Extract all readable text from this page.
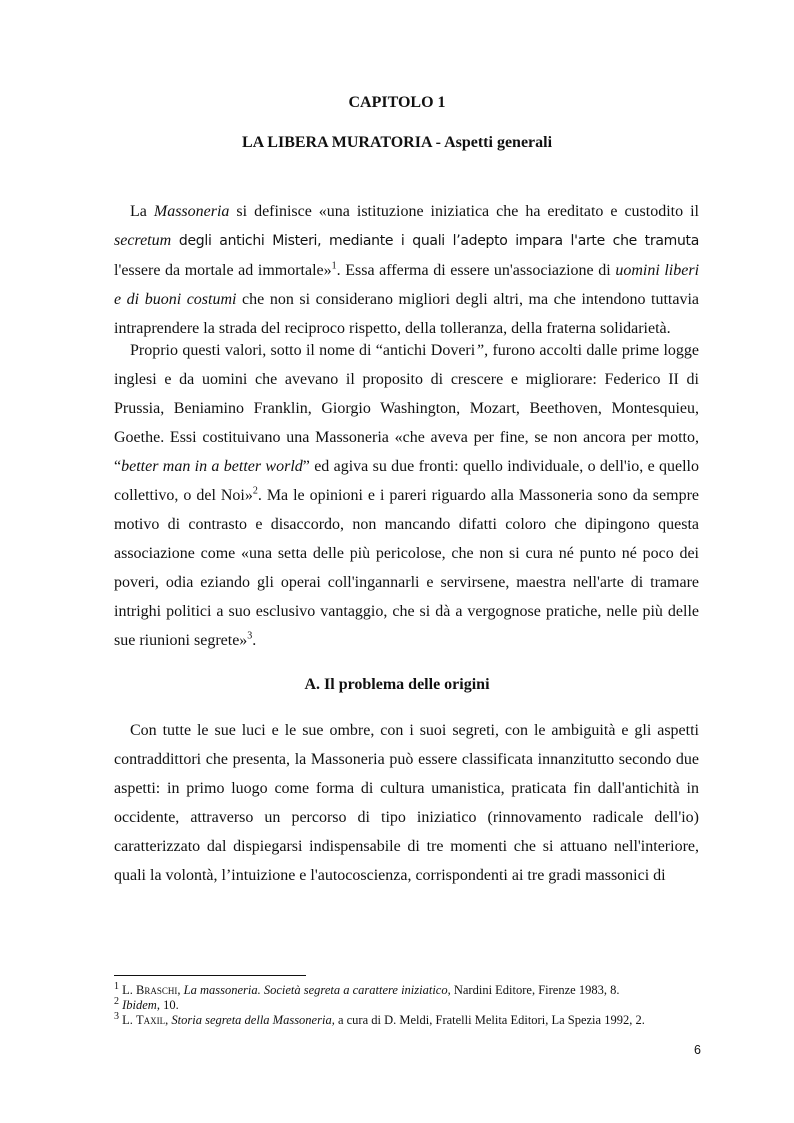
CAPITOLO 1
LA LIBERA MURATORIA - Aspetti generali

La Massoneria si definisce «una istituzione iniziatica che ha ereditato e custodito il secretum degli antichi Misteri, mediante i quali l’adepto impara l'arte che tramuta l'essere da mortale ad immortale»$^1$. Essa afferma di essere un'associazione di uomini liberi e di buoni costumi che non si considerano migliori degli altri, ma che intendono tuttavia intraprendere la strada del reciproco rispetto, della tolleranza, della fraterna solidarietà.

Proprio questi valori, sotto il nome di “antichi Doveri”, furono accolti dalle prime logge inglesi e da uomini che avevano il proposito di crescere e migliorare: Federico II di Prussia, Beniamino Franklin, Giorgio Washington, Mozart, Beethoven, Montesquieu, Goethe. Essi costituivano una Massoneria «che aveva per fine, se non ancora per motto, “better man in a better world” ed agiva su due fronti: quello individuale, o dell'io, e quello collettivo, o del Noi»$^2$. Ma le opinioni e i pareri riguardo alla Massoneria sono da sempre motivo di contrasto e disaccordo, non mancando difatti coloro che dipingono questa associazione come «una setta delle più pericolose, che non si cura né punto né poco dei poveri, odia eziando gli operai coll'ingannarli e servirsene, maestra nell'arte di tramare intrighi politici a suo esclusivo vantaggio, che si dà a vergognose pratiche, nelle più delle sue riunioni segrete»$^3$.

A. Il problema delle origini

Con tutte le sue luci e le sue ombre, con i suoi segreti, con le ambiguità e gli aspetti contraddittori che presenta, la Massoneria può essere classificata innanzitutto secondo due aspetti: in primo luogo come forma di cultura umanistica, praticata fin dall'antichità in occidente, attraverso un percorso di tipo iniziatico (rinnovamento radicale dell'io) caratterizzato dal dispiegarsi indispensabile di tre momenti che si attuano nell'interiore, quali la volontà, l’intuizione e l'autocoscienza, corrispondenti ai tre gradi massonici di

$^1$ L. Braschi, La massoneria. Società segreta a carattere iniziatico, Nardini Editore, Firenze 1983, 8.

$^2$ Ibidem, 10.

$^3$ L. Taxil, Storia segreta della Massoneria, a cura di D. Meldi, Fratelli Melita Editori, La Spezia 1992, 2.

6
